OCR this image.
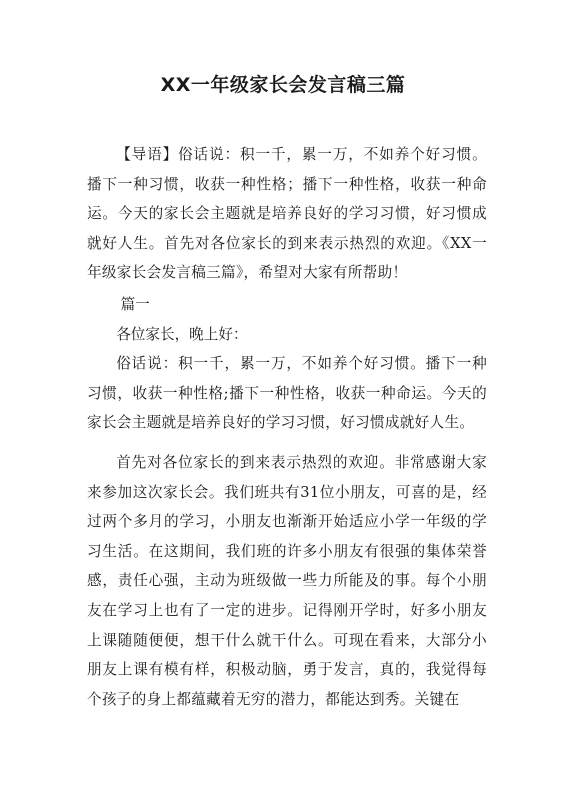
XX一年级家长会发言稿三篇

【导语】俗话说：积一千，累一万，不如养个好习惯。播下一种习惯，收获一种性格；播下一种性格，收获一种命运。今天的家长会主题就是培养良好的学习习惯，好习惯成就好人生。首先对各位家长的到来表示热烈的欢迎。《XX一年级家长会发言稿三篇》，希望对大家有所帮助！

篇一

各位家长，晚上好：

俗话说：积一千，累一万，不如养个好习惯。播下一种习惯，收获一种性格;播下一种性格，收获一种命运。今天的家长会主题就是培养良好的学习习惯，好习惯成就好人生。

首先对各位家长的到来表示热烈的欢迎。非常感谢大家来参加这次家长会。我们班共有31位小朋友，可喜的是，经过两个多月的学习，小朋友也渐渐开始适应小学一年级的学习生活。在这期间，我们班的许多小朋友有很强的集体荣誉感，责任心强，主动为班级做一些力所能及的事。每个小朋友在学习上也有了一定的进步。记得刚开学时，好多小朋友上课随随便便，想干什么就干什么。可现在看来，大部分小朋友上课有模有样，积极动脑，勇于发言，真的，我觉得每个孩子的身上都蕴藏着无穷的潜力，都能达到秀。关键在
